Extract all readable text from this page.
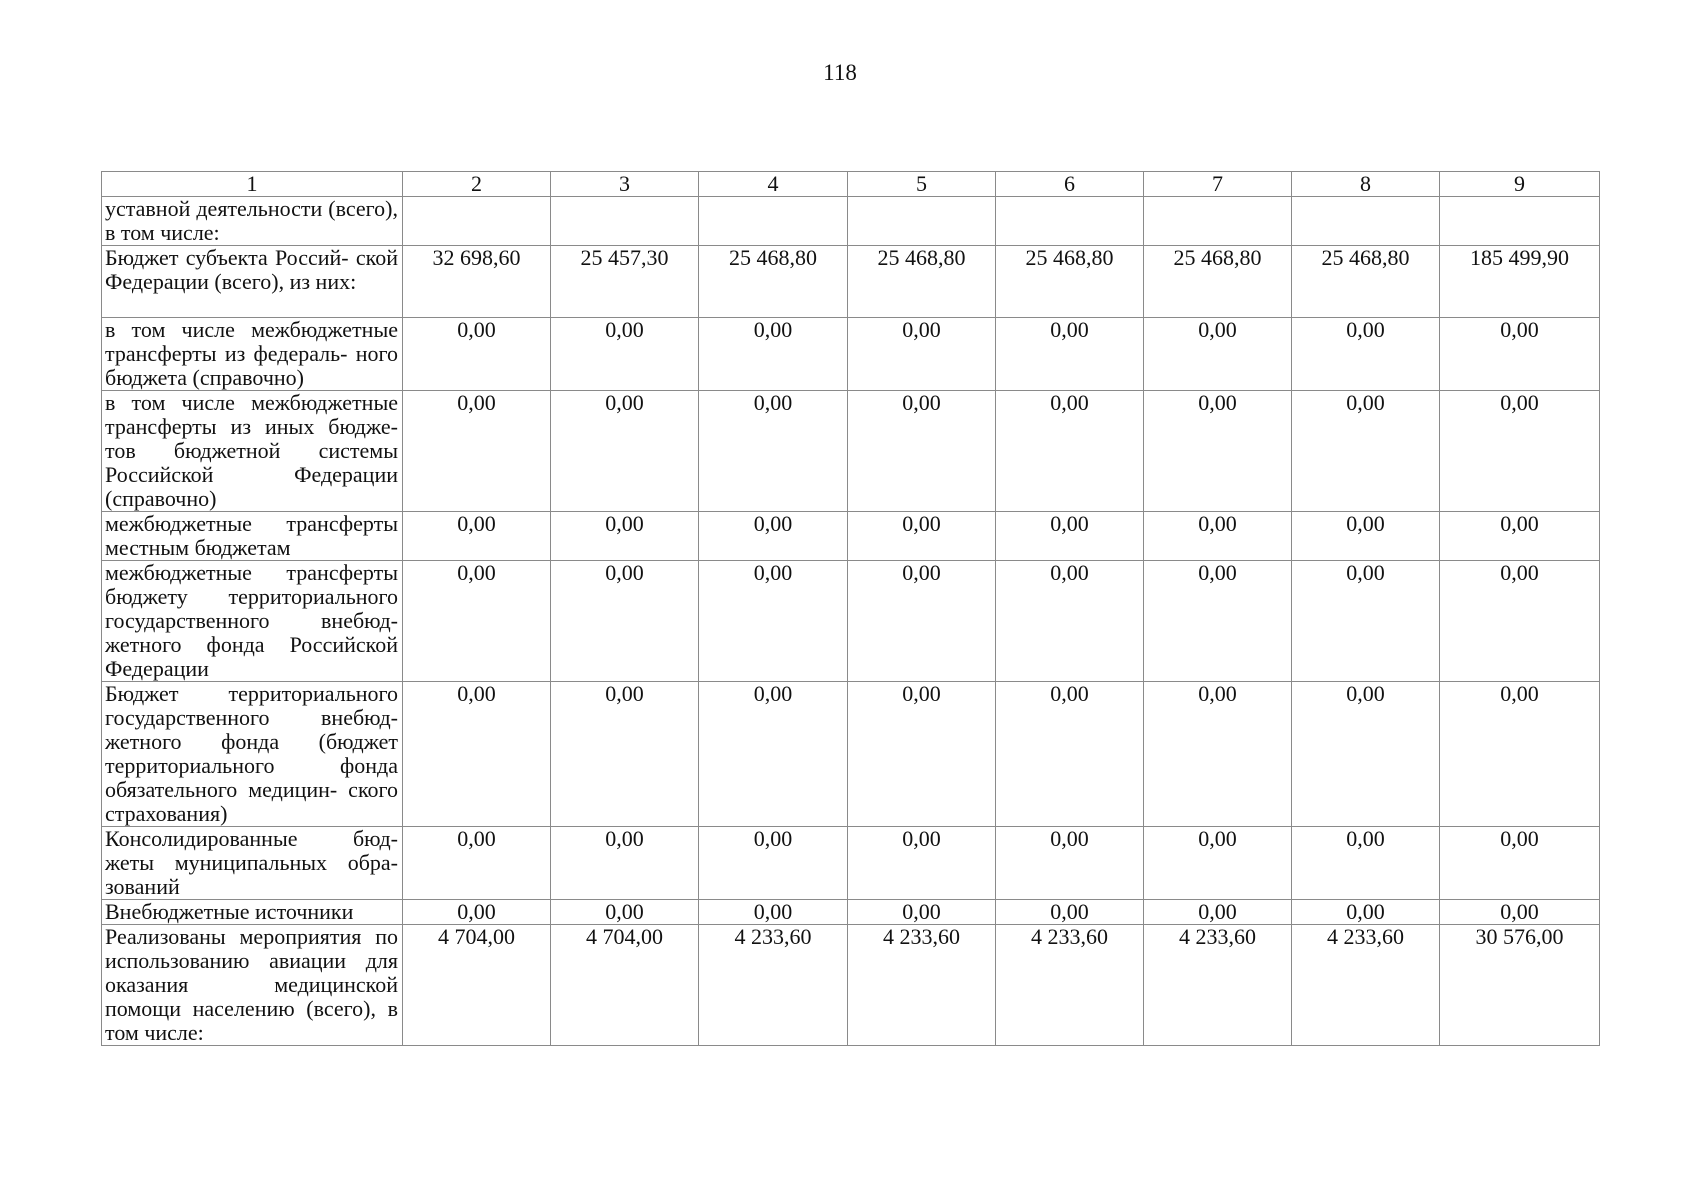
118
1	2	3	4	5	6	7	8	9
уставной деятельности (всего), в том числе:								
Бюджет субъекта Россий- ской Федерации (всего), из них:	32 698,60	25 457,30	25 468,80	25 468,80	25 468,80	25 468,80	25 468,80	185 499,90
в том числе межбюджетные трансферты из федераль- ного бюджета (справочно)	0,00	0,00	0,00	0,00	0,00	0,00	0,00	0,00
в том числе межбюджетные трансферты из иных бюдже- тов бюджетной системы Российской Федерации (справочно)	0,00	0,00	0,00	0,00	0,00	0,00	0,00	0,00
межбюджетные трансферты местным бюджетам	0,00	0,00	0,00	0,00	0,00	0,00	0,00	0,00
межбюджетные трансферты бюджету территориального государственного внебюд- жетного фонда Российской Федерации	0,00	0,00	0,00	0,00	0,00	0,00	0,00	0,00
Бюджет территориального государственного внебюд- жетного фонда (бюджет территориального фонда обязательного медицин- ского страхования)	0,00	0,00	0,00	0,00	0,00	0,00	0,00	0,00
Консолидированные бюд- жеты муниципальных обра- зований	0,00	0,00	0,00	0,00	0,00	0,00	0,00	0,00
Внебюджетные источники	0,00	0,00	0,00	0,00	0,00	0,00	0,00	0,00
Реализованы мероприятия по использованию авиации для оказания медицинской помощи населению (всего), в том числе:	4 704,00	4 704,00	4 233,60	4 233,60	4 233,60	4 233,60	4 233,60	30 576,00
